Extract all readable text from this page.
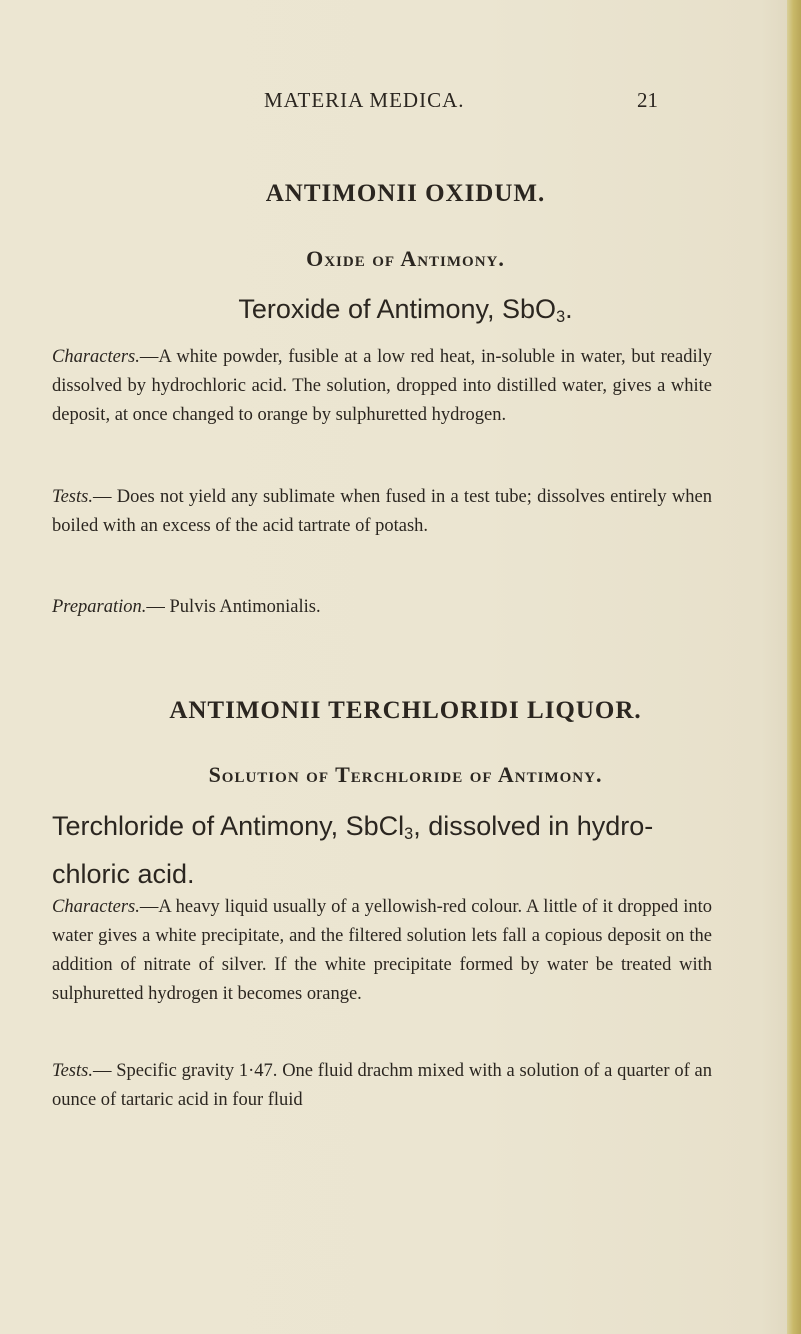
MATERIA MEDICA.	21
ANTIMONII OXIDUM.
Oxide of Antimony.

Teroxide of Antimony, SbO$_3$.

Characters.—A white powder, fusible at a low red heat, in-soluble in water, but readily dissolved by hydrochloric acid. The solution, dropped into distilled water, gives a white deposit, at once changed to orange by sulphuretted hydrogen.

Tests.— Does not yield any sublimate when fused in a test tube; dissolves entirely when boiled with an excess of the acid tartrate of potash.

Preparation.— Pulvis Antimonialis.

ANTIMONII TERCHLORIDI LIQUOR.
Solution of Terchloride of Antimony.

Terchloride of Antimony, SbCl$_3$, dissolved in hydro-chloric acid.

Characters.—A heavy liquid usually of a yellowish-red colour. A little of it dropped into water gives a white precipitate, and the filtered solution lets fall a copious deposit on the addition of nitrate of silver. If the white precipitate formed by water be treated with sulphuretted hydrogen it becomes orange.

Tests.— Specific gravity 1·47. One fluid drachm mixed with a solution of a quarter of an ounce of tartaric acid in four fluid
